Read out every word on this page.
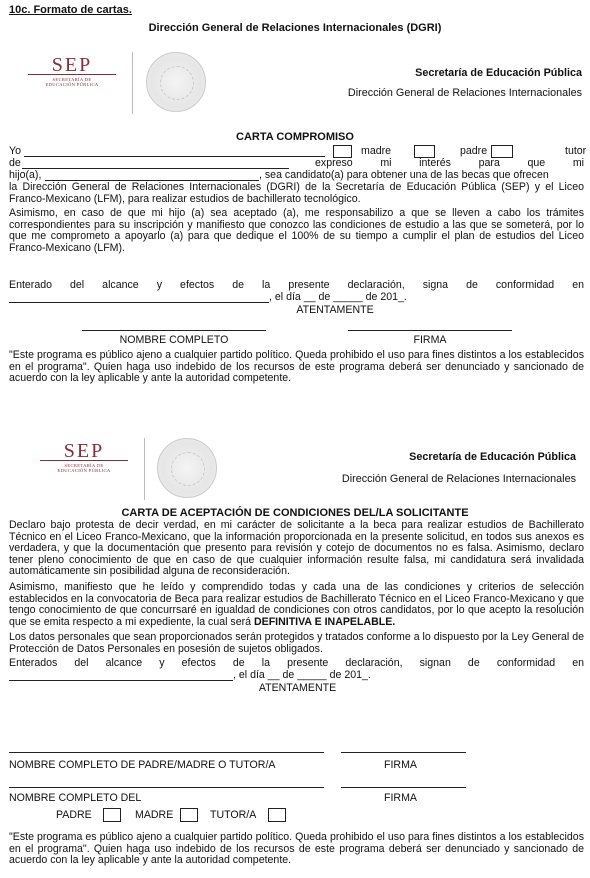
10c. Formato de cartas.
Dirección General de Relaciones Internacionales (DGRI)
SEP
SECRETARÍA DE
EDUCACIÓN PÚBLICA
Secretaría de Educación Pública
Dirección General de Relaciones Internacionales
CARTA COMPROMISO
Yo	madre	padre	tutor
de	expreso mi interés para que mi
hijo(a),	, sea candidato(a) para obtener una de las becas que ofrecen
la Dirección General de Relaciones Internacionales (DGRI) de la Secretaría de Educación Pública (SEP) y el Liceo Franco-Mexicano (LFM), para realizar estudios de bachillerato tecnológico.
Asimismo, en caso de que mi hijo (a) sea aceptado (a), me responsabilizo a que se lleven a cabo los trámites correspondientes para su inscripción y manifiesto que conozco las condiciones de estudio a las que se someterá, por lo que me comprometo a apoyarlo (a) para que dedique el 100% de su tiempo a cumplir el plan de estudios del Liceo Franco-Mexicano (LFM).
Enterado del alcance y efectos de la presente declaración, signa de conformidad en
, el día __ de _____ de 201_.
ATENTAMENTE
NOMBRE COMPLETO	FIRMA
"Este programa es público ajeno a cualquier partido político. Queda prohibido el uso para fines distintos a los establecidos en el programa". Quien haga uso indebido de los recursos de este programa deberá ser denunciado y sancionado de acuerdo con la ley aplicable y ante la autoridad competente.
SEP
SECRETARÍA DE
EDUCACIÓN PÚBLICA
Secretaría de Educación Pública
Dirección General de Relaciones Internacionales
CARTA DE ACEPTACIÓN DE CONDICIONES DEL/LA SOLICITANTE
Declaro bajo protesta de decir verdad, en mi carácter de solicitante a la beca para realizar estudios de Bachillerato Técnico en el Liceo Franco-Mexicano, que la información proporcionada en la presente solicitud, en todos sus anexos es verdadera, y que la documentación que presento para revisión y cotejo de documentos no es falsa. Asimismo, declaro tener pleno conocimiento de que en caso de que cualquier información resulte falsa, mi candidatura será invalidada automáticamente sin posibilidad alguna de reconsideración.
Asimismo, manifiesto que he leído y comprendido todas y cada una de las condiciones y criterios de selección establecidos en la convocatoria de Beca para realizar estudios de Bachillerato Técnico en el Liceo Franco-Mexicano y que tengo conocimiento de que concurrsaré en igualdad de condiciones con otros candidatos, por lo que acepto la resolución que se emita respecto a mi expediente, la cual será DEFINITIVA E INAPELABLE.
Los datos personales que sean proporcionados serán protegidos y tratados conforme a lo dispuesto por la Ley General de Protección de Datos Personales en posesión de sujetos obligados.
Enterados del alcance y efectos de la presente declaración, signan de conformidad en
, el día __ de _____ de 201_.
ATENTAMENTE
NOMBRE COMPLETO DE PADRE/MADRE O TUTOR/A	FIRMA
NOMBRE COMPLETO DEL	FIRMA
PADRE	MADRE	TUTOR/A
"Este programa es público ajeno a cualquier partido político. Queda prohibido el uso para fines distintos a los establecidos en el programa". Quien haga uso indebido de los recursos de este programa deberá ser denunciado y sancionado de acuerdo con la ley aplicable y ante la autoridad competente.
